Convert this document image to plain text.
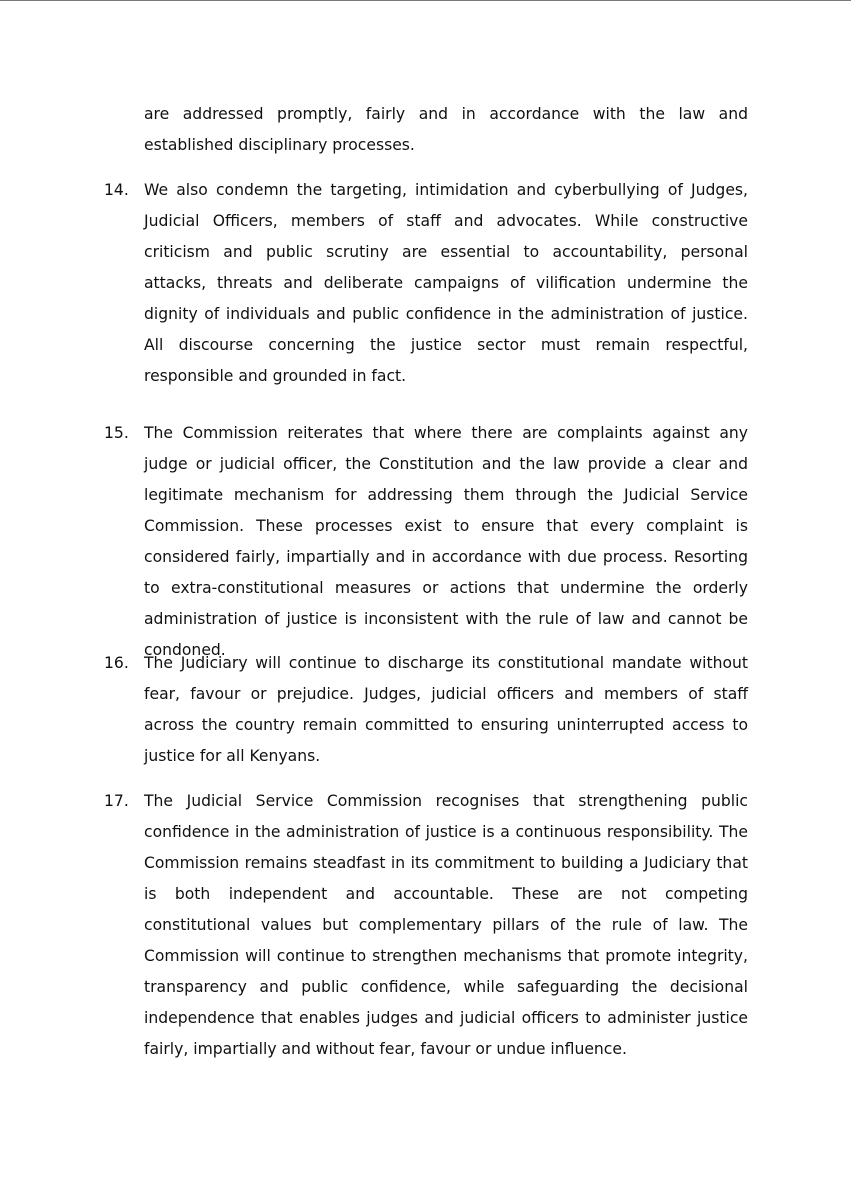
are addressed promptly, fairly and in accordance with the law and established disciplinary processes.
14. We also condemn the targeting, intimidation and cyberbullying of Judges, Judicial Officers, members of staff and advocates. While constructive criticism and public scrutiny are essential to accountability, personal attacks, threats and deliberate campaigns of vilification undermine the dignity of individuals and public confidence in the administration of justice. All discourse concerning the justice sector must remain respectful, responsible and grounded in fact.
15. The Commission reiterates that where there are complaints against any judge or judicial officer, the Constitution and the law provide a clear and legitimate mechanism for addressing them through the Judicial Service Commission. These processes exist to ensure that every complaint is considered fairly, impartially and in accordance with due process. Resorting to extra-constitutional measures or actions that undermine the orderly administration of justice is inconsistent with the rule of law and cannot be condoned.
16. The Judiciary will continue to discharge its constitutional mandate without fear, favour or prejudice. Judges, judicial officers and members of staff across the country remain committed to ensuring uninterrupted access to justice for all Kenyans.
17. The Judicial Service Commission recognises that strengthening public confidence in the administration of justice is a continuous responsibility. The Commission remains steadfast in its commitment to building a Judiciary that is both independent and accountable. These are not competing constitutional values but complementary pillars of the rule of law. The Commission will continue to strengthen mechanisms that promote integrity, transparency and public confidence, while safeguarding the decisional independence that enables judges and judicial officers to administer justice fairly, impartially and without fear, favour or undue influence.
